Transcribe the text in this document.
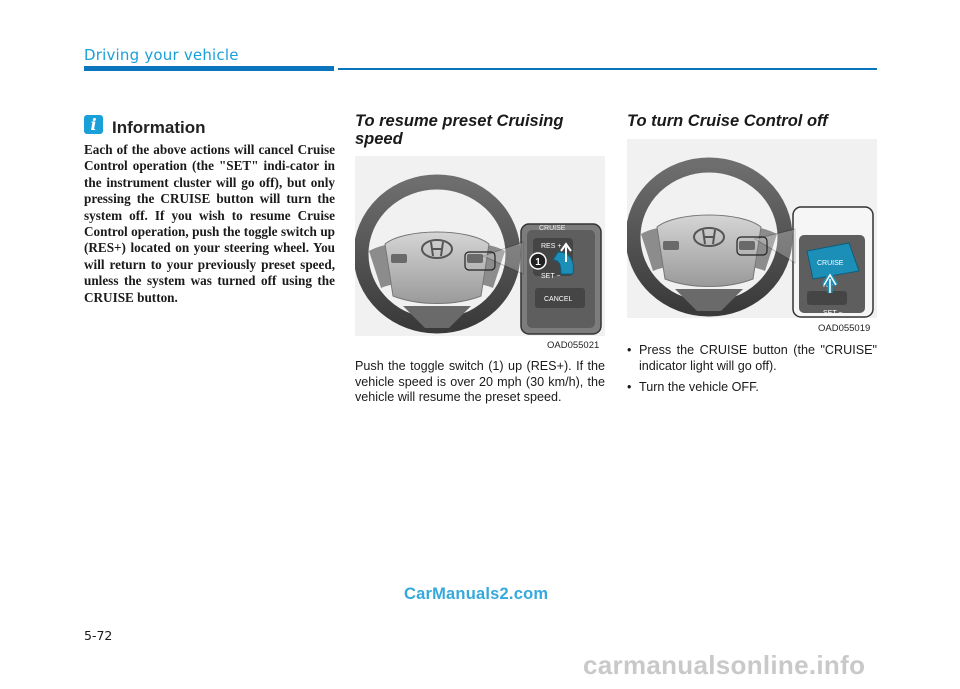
Driving your vehicle
i Information
Each of the above actions will cancel Cruise Control operation (the "SET" indi-cator in the instrument cluster will go off), but only pressing the CRUISE button will turn the system off. If you wish to resume Cruise Control operation, push the toggle switch up (RES+) located on your steering wheel. You will return to your previously preset speed, unless the system was turned off using the CRUISE button.
To resume preset Cruising speed
CRUISE
RES +
SET −
CANCEL
1
OAD055021
Push the toggle switch (1) up (RES+). If the vehicle speed is over 20 mph (30 km/h), the vehicle will resume the preset speed.
To turn Cruise Control off
CRUISE
R +
SET −
OAD055019
• Press the CRUISE button (the "CRUISE" indicator light will go off).
• Turn the vehicle OFF.
5-72
CarManuals2.com
carmanualsonline.info
